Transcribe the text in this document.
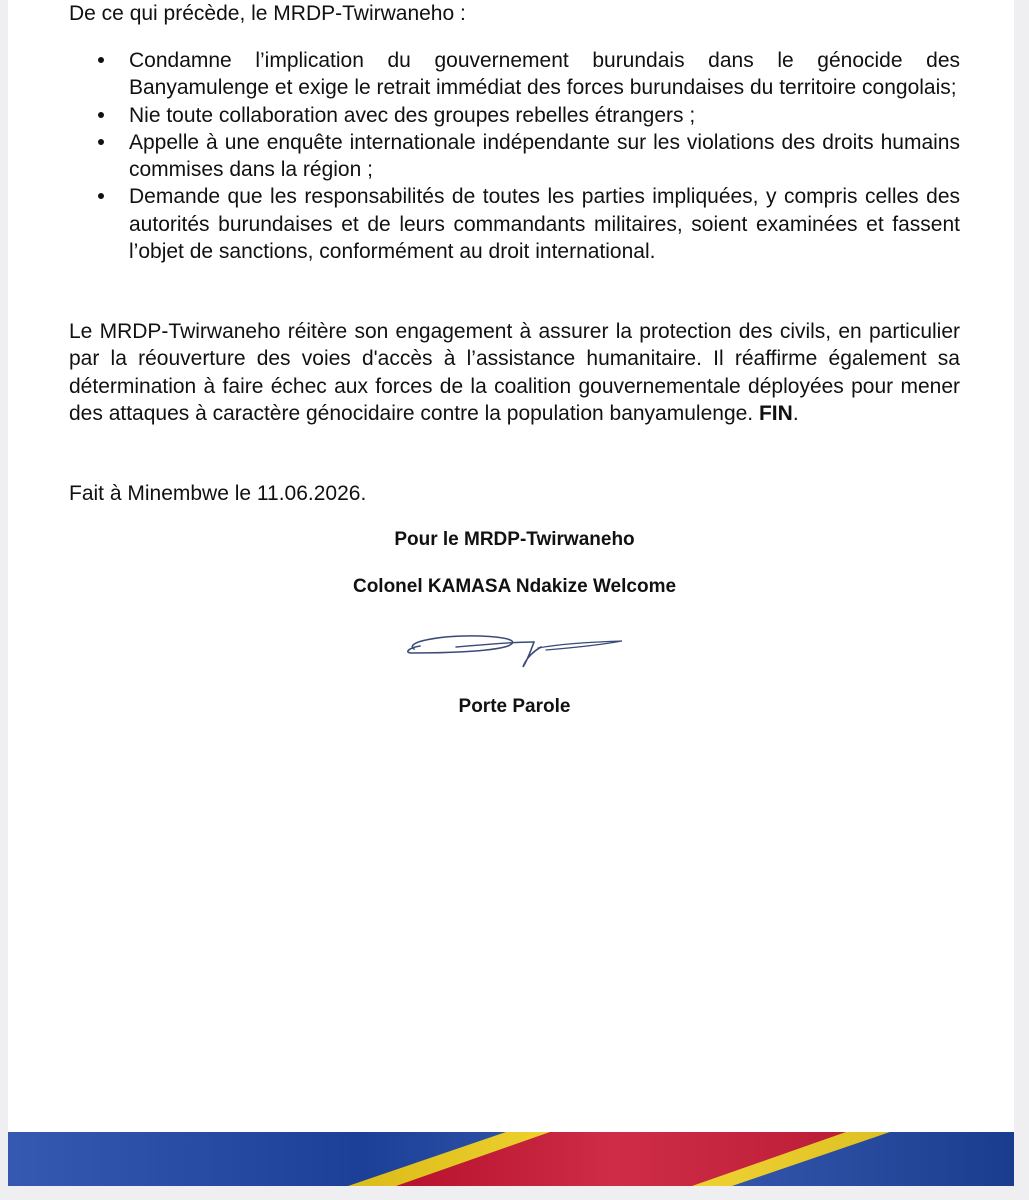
De ce qui précède, le MRDP-Twirwaneho :

Condamne l’implication du gouvernement burundais dans le génocide des Banyamulenge et exige le retrait immédiat des forces burundaises du territoire congolais;
Nie toute collaboration avec des groupes rebelles étrangers ;
Appelle à une enquête internationale indépendante sur les violations des droits humains commises dans la région ;
Demande que les responsabilités de toutes les parties impliquées, y compris celles des autorités burundaises et de leurs commandants militaires, soient examinées et fassent l’objet de sanctions, conformément au droit international.

Le MRDP-Twirwaneho réitère son engagement à assurer la protection des civils, en particulier par la réouverture des voies d'accès à l’assistance humanitaire. Il réaffirme également sa détermination à faire échec aux forces de la coalition gouvernementale déployées pour mener des attaques à caractère génocidaire contre la population banyamulenge. FIN.

Fait à Minembwe le 11.06.2026.

Pour le MRDP-Twirwaneho

Colonel KAMASA Ndakize Welcome

Porte Parole
